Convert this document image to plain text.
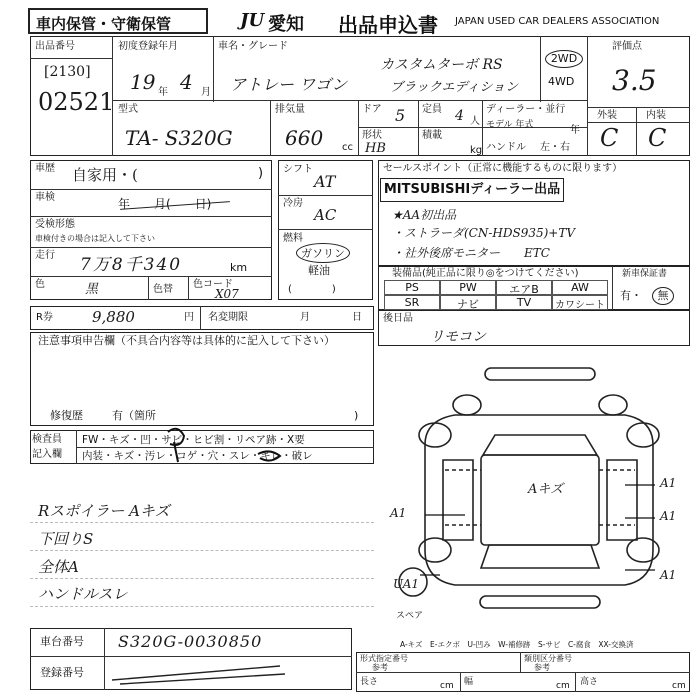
車内保管・守衛保管	JU 愛知 出品申込書 JAPAN USED CAR DEALERS ASSOCIATION
出品番号
[2130]
02521
初度登録年月
19 年 4 月
車名・グレード
アトレー ワゴン
カスタムターボ RS
ブラックエディション
2WD
4WD
評価点
3.5
外装	内装
C C
型式
TA- S320G
排気量
660 cc
ドア 5 定員 4 人
形状
HB
積載
kg
ディーラー・並行
モデル 年式	年
ハンドル 左・右
車歴 自家用・(	)
車検	年　　月(　　日)
受検形態
車検付きの場合は記入して下さい
走行 7万8千340	km
色	黒	色替 色コード
X07
シフト
AT
冷房
AC
燃料
ガソリン
軽油
(　　　　)
セールスポイント（正常に機能するものに限ります）
MITSUBISHIディーラー出品
★AA初出品
・ストラーダ(CN-HDS935)+TV
・社外後席モニター　　ETC
装備品(純正品に限り◎をつけてください)	新車保証書
有・	無
PS	PW	エアB	AW
SR	ナビ	TV	カワシート
R券	9,880	円 名変期限	月	日 後日品
リモコン
注意事項申告欄（不具合内容等は具体的に記入して下さい）
修復歴	有（箇所	)
検査員
記入欄
FW・キズ・凹・サビ・ヒビ割・リペア跡・X要
内装・キズ・汚レ・コゲ・穴・スレ・キレ・破レ
Rスポイラー Aキズ
下回りS
全体A
ハンドルスレ
Aキズ	A1
A1
A1
UA1
A1
スペア
A-キズ　E-エクボ　U-凹み　W-補修跡　S-サビ　C-腐食　XX-交換済
車台番号 S320G-0030850
登録番号
形式指定番号
参考
類別区分番号
参考
長さ	cm 幅	cm 高さ	cm
